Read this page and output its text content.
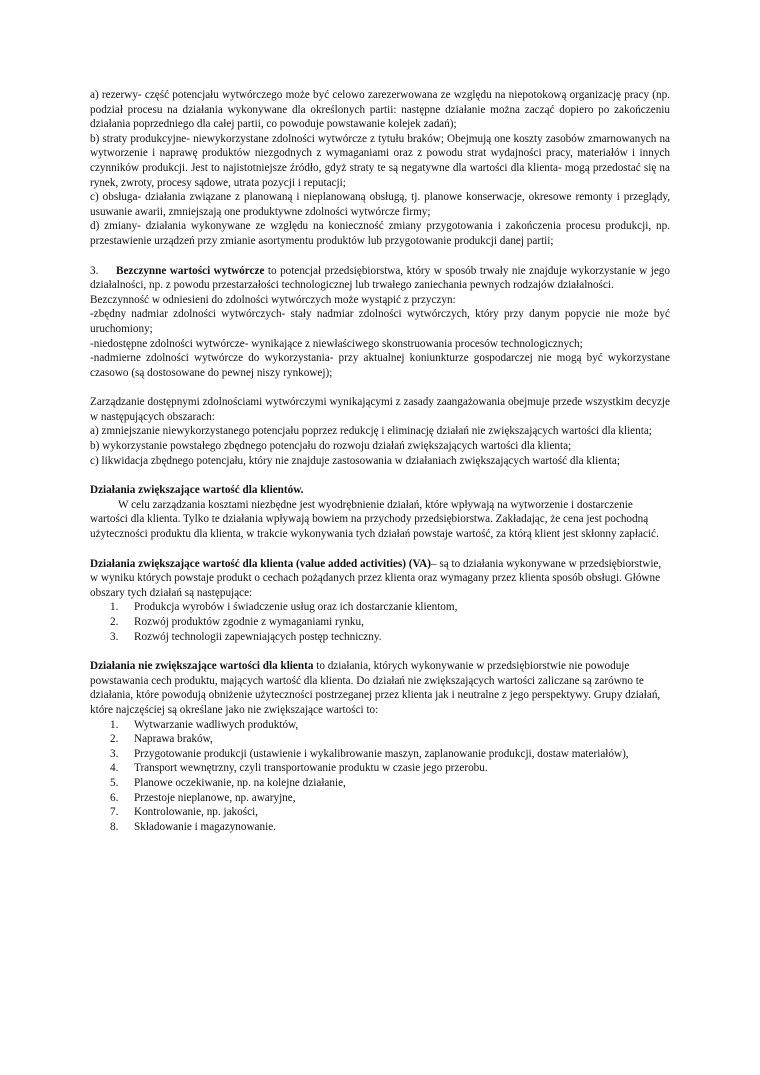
a) rezerwy- część potencjału wytwórczego może być celowo zarezerwowana ze względu na niepotokową organizację pracy (np. podział procesu na działania wykonywane dla określonych partii: następne działanie można zacząć dopiero po zakończeniu działania poprzedniego dla całej partii, co powoduje powstawanie kolejek zadań);

b) straty produkcyjne- niewykorzystane zdolności wytwórcze z tytułu braków; Obejmują one koszty zasobów zmarnowanych na wytworzenie i naprawę produktów niezgodnych z wymaganiami oraz z powodu strat wydajności pracy, materiałów i innych czynników produkcji. Jest to najistotniejsze źródło, gdyż straty te są negatywne dla wartości dla klienta- mogą przedostać się na rynek, zwroty, procesy sądowe, utrata pozycji i reputacji;

c) obsługa- działania związane z planowaną i nieplanowaną obsługą, tj. planowe konserwacje, okresowe remonty i przeglądy, usuwanie awarii, zmniejszają one produktywne zdolności wytwórcze firmy;

d) zmiany- działania wykonywane ze względu na konieczność zmiany przygotowania i zakończenia procesu produkcji, np. przestawienie urządzeń przy zmianie asortymentu produktów lub przygotowanie produkcji danej partii;

3. Bezczynne wartości wytwórcze to potencjał przedsiębiorstwa, który w sposób trwały nie znajduje wykorzystanie w jego działalności, np. z powodu przestarzałości technologicznej lub trwałego zaniechania pewnych rodzajów działalności.

Bezczynność w odniesieni do zdolności wytwórczych może wystąpić z przyczyn:

-zbędny nadmiar zdolności wytwórczych- stały nadmiar zdolności wytwórczych, który przy danym popycie nie może być uruchomiony;

-niedostępne zdolności wytwórcze- wynikające z niewłaściwego skonstruowania procesów technologicznych;

-nadmierne zdolności wytwórcze do wykorzystania- przy aktualnej koniunkturze gospodarczej nie mogą być wykorzystane czasowo (są dostosowane do pewnej niszy rynkowej);

Zarządzanie dostępnymi zdolnościami wytwórczymi wynikającymi z zasady zaangażowania obejmuje przede wszystkim decyzje w następujących obszarach:

a) zmniejszanie niewykorzystanego potencjału poprzez redukcję i eliminację działań nie zwiększających wartości dla klienta;

b) wykorzystanie powstałego zbędnego potencjału do rozwoju działań zwiększających wartości dla klienta;

c) likwidacja zbędnego potencjału, który nie znajduje zastosowania w działaniach zwiększających wartość dla klienta;

Działania zwiększające wartość dla klientów.

W celu zarządzania kosztami niezbędne jest wyodrębnienie działań, które wpływają na wytworzenie i dostarczenie wartości dla klienta. Tylko te działania wpływają bowiem na przychody przedsiębiorstwa. Zakładając, że cena jest pochodną użyteczności produktu dla klienta, w trakcie wykonywania tych działań powstaje wartość, za którą klient jest skłonny zapłacić.

Działania zwiększające wartość dla klienta (value added activities) (VA)– są to działania wykonywane w przedsiębiorstwie, w wyniku których powstaje produkt o cechach pożądanych przez klienta oraz wymagany przez klienta sposób obsługi. Główne obszary tych działań są następujące:

1.	Produkcja wyrobów i świadczenie usług oraz ich dostarczanie klientom,
2.	Rozwój produktów zgodnie z wymaganiami rynku,
3.	Rozwój technologii zapewniających postęp techniczny.

Działania nie zwiększające wartości dla klienta to działania, których wykonywanie w przedsiębiorstwie nie powoduje powstawania cech produktu, mających wartość dla klienta. Do działań nie zwiększających wartości zaliczane są zarówno te działania, które powodują obniżenie użyteczności postrzeganej przez klienta jak i neutralne z jego perspektywy. Grupy działań, które najczęściej są określane jako nie zwiększające wartości to:

1.	Wytwarzanie wadliwych produktów,
2.	Naprawa braków,
3.	Przygotowanie produkcji (ustawienie i wykalibrowanie maszyn, zaplanowanie produkcji, dostaw materiałów),
4.	Transport wewnętrzny, czyli transportowanie produktu w czasie jego przerobu.
5.	Planowe oczekiwanie, np. na kolejne działanie,
6.	Przestoje nieplanowe, np. awaryjne,
7.	Kontrolowanie, np. jakości,
8.	Składowanie i magazynowanie.
